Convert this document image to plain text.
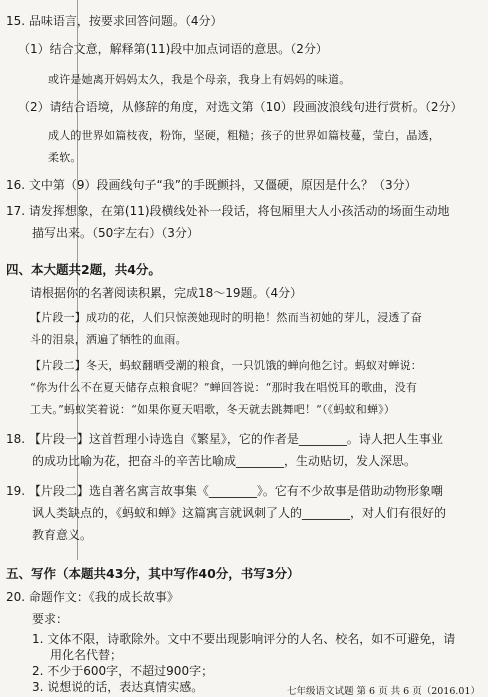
15. 品味语言，按要求回答问题。（4分）
（1）结合文意，解释第(11)段中加点词语的意思。（2分）
或许是她离开妈妈太久，我是个母亲，我身上有妈妈的味道。
（2）请结合语境，从修辞的角度，对选文第（10）段画波浪线句进行赏析。（2分）
成人的世界如篇枝夜，粉饰，坚硬，粗糙；孩子的世界如篇枝蔓，莹白，晶透，
柔软。
16. 文中第（9）段画线句子“我”的手既颤抖，又僵硬，原因是什么？（3分）
17. 请发挥想象，在第(11)段横线处补一段话，将包厢里大人小孩活动的场面生动地
描写出来。（50字左右）（3分）
四、本大题共2题，共4分。
请根据你的名著阅读积累，完成18～19题。（4分）
【片段一】成功的花，人们只惊羡她现时的明艳！然而当初她的芽儿，浸透了奋
斗的泪泉，洒遍了牺牲的血雨。
【片段二】冬天，蚂蚁翻晒受潮的粮食，一只饥饿的蝉向他乞讨。蚂蚁对蝉说：
“你为什么不在夏天储存点粮食呢？”蝉回答说：“那时我在唱悦耳的歌曲，没有
工夫。”蚂蚁笑着说：“如果你夏天唱歌，冬天就去跳舞吧！”（《蚂蚁和蝉》）
18. 【片段一】这首哲理小诗选自《繁星》，它的作者是________。诗人把人生事业
的成功比喻为花，把奋斗的辛苦比喻成________，生动贴切，发人深思。
19. 【片段二】选自著名寓言故事集《________》。它有不少故事是借助动物形象嘲
讽人类缺点的，《蚂蚁和蝉》这篇寓言就讽刺了人的________，对人们有很好的
教育意义。
五、写作（本题共43分，其中写作40分，书写3分）
20. 命题作文：《我的成长故事》
要求：
1. 文体不限，诗歌除外。文中不要出现影响评分的人名、校名，如不可避免，请
用化名代替；
2. 不少于600字，不超过900字；
3. 说想说的话，表达真情实感。	七年级语文试题 第 6 页 共 6 页（2016.01）
